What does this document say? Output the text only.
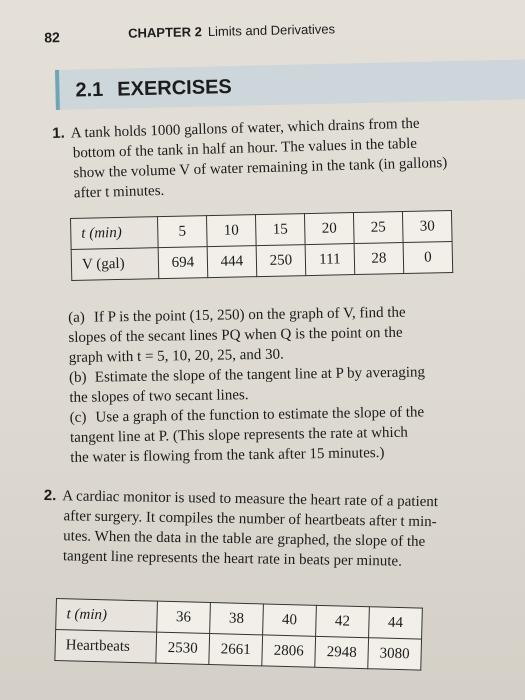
82	CHAPTER 2 Limits and Derivatives
2.1 EXERCISES
1. A tank holds 1000 gallons of water, which drains from the
bottom of the tank in half an hour. The values in the table
show the volume V of water remaining in the tank (in gallons)
after t minutes.
t (min)	5	10	15	20	25	30
V (gal)	694	444	250	111	28	0
(a) If P is the point (15, 250) on the graph of V, find the
slopes of the secant lines PQ when Q is the point on the
graph with t = 5, 10, 20, 25, and 30.
(b) Estimate the slope of the tangent line at P by averaging
the slopes of two secant lines.
(c) Use a graph of the function to estimate the slope of the
tangent line at P. (This slope represents the rate at which
the water is flowing from the tank after 15 minutes.)
2. A cardiac monitor is used to measure the heart rate of a patient
after surgery. It compiles the number of heartbeats after t min-
utes. When the data in the table are graphed, the slope of the
tangent line represents the heart rate in beats per minute.
t (min)	36	38	40	42	44
Heartbeats	2530	2661	2806	2948	3080
